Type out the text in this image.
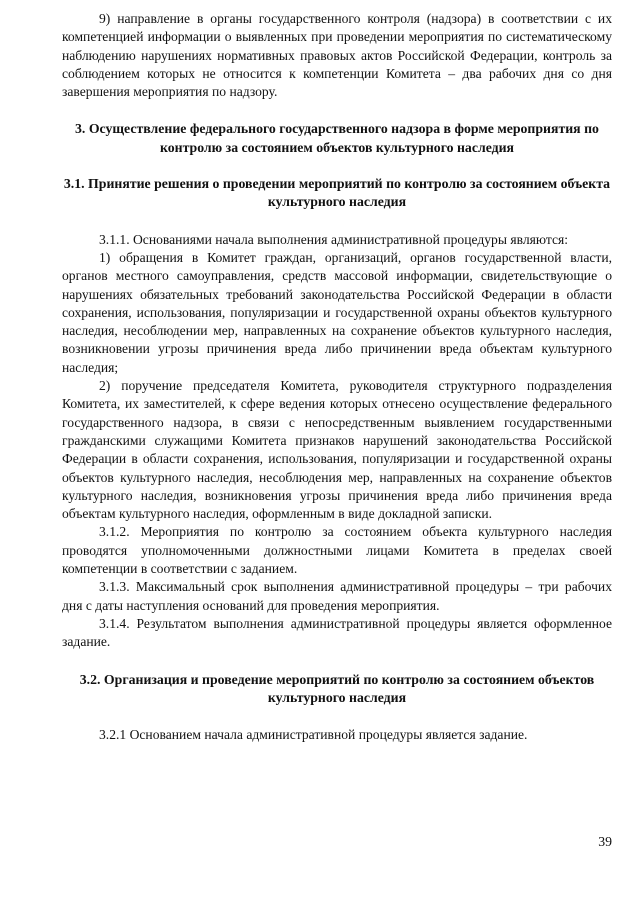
9) направление в органы государственного контроля (надзора) в соответствии с их компетенцией информации о выявленных при проведении мероприятия по систематическому наблюдению нарушениях нормативных правовых актов Российской Федерации, контроль за соблюдением которых не относится к компетенции Комитета – два рабочих дня со дня завершения мероприятия по надзору.

3. Осуществление федерального государственного надзора в форме мероприятия по контролю за состоянием объектов культурного наследия
3.1. Принятие решения о проведении мероприятий по контролю за состоянием объекта культурного наследия

3.1.1. Основаниями начала выполнения административной процедуры являются:

1) обращения в Комитет граждан, организаций, органов государственной власти, органов местного самоуправления, средств массовой информации, свидетельствующие о нарушениях обязательных требований законодательства Российской Федерации в области сохранения, использования, популяризации и государственной охраны объектов культурного наследия, несоблюдении мер, направленных на сохранение объектов культурного наследия, возникновении угрозы причинения вреда либо причинении вреда объектам культурного наследия;

2) поручение председателя Комитета, руководителя структурного подразделения Комитета, их заместителей, к сфере ведения которых отнесено осуществление федерального государственного надзора, в связи с непосредственным выявлением государственными гражданскими служащими Комитета признаков нарушений законодательства Российской Федерации в области сохранения, использования, популяризации и государственной охраны объектов культурного наследия, несоблюдения мер, направленных на сохранение объектов культурного наследия, возникновения угрозы причинения вреда либо причинения вреда объектам культурного наследия, оформленным в виде докладной записки.

3.1.2. Мероприятия по контролю за состоянием объекта культурного наследия проводятся уполномоченными должностными лицами Комитета в пределах своей компетенции в соответствии с заданием.

3.1.3. Максимальный срок выполнения административной процедуры – три рабочих дня с даты наступления оснований для проведения мероприятия.

3.1.4. Результатом выполнения административной процедуры является оформленное задание.

3.2. Организация и проведение мероприятий по контролю за состоянием объектов культурного наследия

3.2.1 Основанием начала административной процедуры является задание.

39
